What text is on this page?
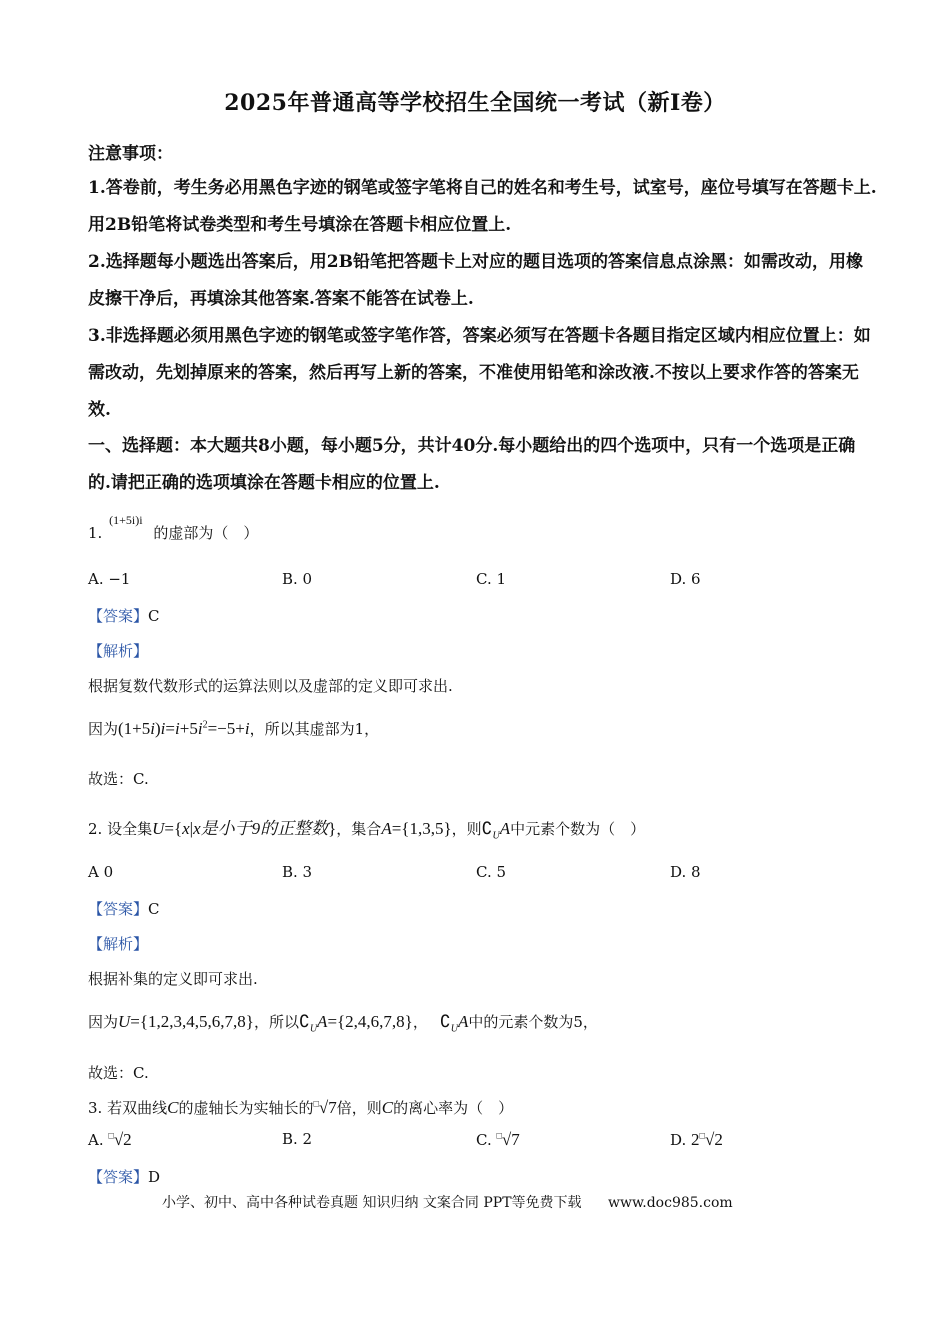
2025年普通高等学校招生全国统一考试（新Ⅰ卷）
注意事项：
1.答卷前，考生务必用黑色字迹的钢笔或签字笔将自己的姓名和考生号，试室号，座位号填写在答题卡上.用2B铅笔将试卷类型和考生号填涂在答题卡相应位置上.
2.选择题每小题选出答案后，用2B铅笔把答题卡上对应的题目选项的答案信息点涂黑：如需改动，用橡皮擦干净后，再填涂其他答案.答案不能答在试卷上.
3.非选择题必须用黑色字迹的钢笔或签字笔作答，答案必须写在答题卡各题目指定区域内相应位置上：如需改动，先划掉原来的答案，然后再写上新的答案，不准使用铅笔和涂改液.不按以上要求作答的答案无效.
一、选择题：本大题共8小题，每小题5分，共计40分.每小题给出的四个选项中，只有一个选项是正确的.请把正确的选项填涂在答题卡相应的位置上.
1. $^{(1+5i)i}$ 的虚部为（　）
A. −1	B. 0	C. 1	D. 6
【答案】C
【解析】
根据复数代数形式的运算法则以及虚部的定义即可求出.
因为$(1+5i)i=i+5i^2=-5+i$，所以其虚部为1，
故选：C.
2. 设全集U={x|x是小于9的正整数}，集合A={1,3,5}，则$∁_UA$中元素个数为（　）
A 0	B. 3	C. 5	D. 8
【答案】C
【解析】
根据补集的定义即可求出.
因为U={1,2,3,4,5,6,7,8}，所以$∁_UA=\{2,4,6,7,8\}$， $∁_UA$中的元素个数为5，
故选：C.
3. 若双曲线C的虚轴长为实轴长的□√7倍，则C的离心率为（　）
A. □√2	B. 2	C. □√7	D. 2□√2
【答案】D
小学、初中、高中各种试卷真题 知识归纳 文案合同 PPT等免费下载 www.doc985.com
